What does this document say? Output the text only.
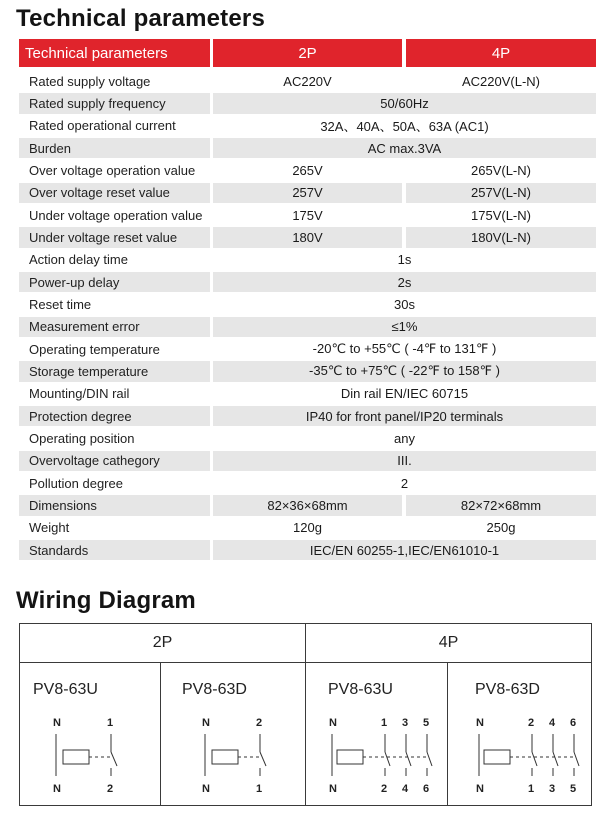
Technical parameters
Technical parameters	2P	4P
Rated supply voltage	AC220V	AC220V(L-N)
Rated supply frequency	50/60Hz
Rated operational current	32A、40A、50A、63A (AC1)
Burden	AC max.3VA
Over voltage operation value	265V	265V(L-N)
Over voltage reset value	257V	257V(L-N)
Under voltage operation value	175V	175V(L-N)
Under voltage reset value	180V	180V(L-N)
Action delay time	1s
Power-up delay	2s
Reset time	30s
Measurement error	≤1%
Operating temperature	-20℃ to +55℃ ( -4℉ to 131℉ )
Storage temperature	-35℃ to +75℃ ( -22℉ to 158℉ )
Mounting/DIN rail	Din rail EN/IEC 60715
Protection degree	IP40 for front panel/IP20 terminals
Operating position	any
Overvoltage cathegory	III.
Pollution degree	2
Dimensions	82×36×68mm	82×72×68mm
Weight	120g	250g
Standards	IEC/EN 60255-1,IEC/EN61010-1
Wiring Diagram
2P	4P
PV8-63U	PV8-63D	PV8-63U	PV8-63D
N	1
N	2
N	2
N	1
N	1 3 5
N	2 4 6
N	2 4 6
N	1 3 5
